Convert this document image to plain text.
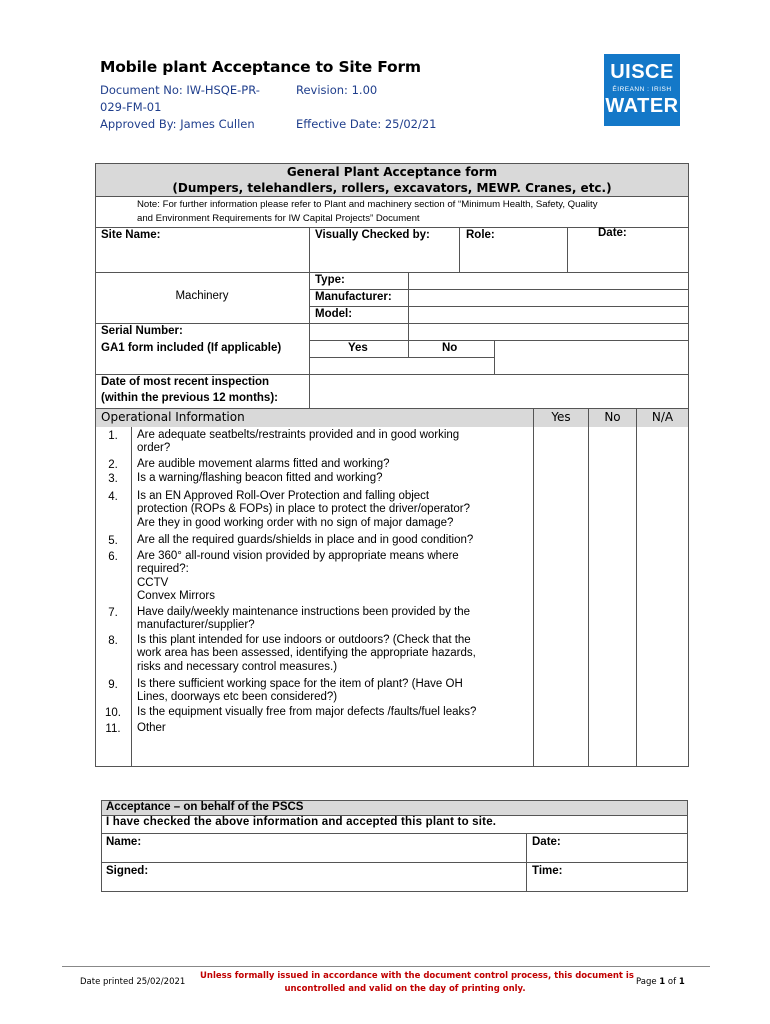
Mobile plant Acceptance to Site Form
Document No: IW-HSQE-PR-
029-FM-01
Approved By: James Cullen
Revision: 1.00
Effective Date: 25/02/21
UISCE
ÉIREANN : IRISH
WATER
General Plant Acceptance form
(Dumpers, telehandlers, rollers, excavators, MEWP. Cranes, etc.)
Note: For further information please refer to Plant and machinery section of “Minimum Health, Safety, Quality
and Environment Requirements for IW Capital Projects” Document
Site Name:	Visually Checked by:	Role:	Date:
Machinery
Type:
Manufacturer:
Model:
Serial Number:
GA1 form included (If applicable)	Yes	No
Date of most recent inspection
(within the previous 12 months):
Operational Information	Yes	No	N/A
1.	Are adequate seatbelts/restraints provided and in good working
order?
2.	Are audible movement alarms fitted and working?
3.	Is a warning/flashing beacon fitted and working?
4.	Is an EN Approved Roll-Over Protection and falling object
protection (ROPs & FOPs) in place to protect the driver/operator?
Are they in good working order with no sign of major damage?
5.	Are all the required guards/shields in place and in good condition?
6.	Are 360° all-round vision provided by appropriate means where
required?:
CCTV
Convex Mirrors
7.	Have daily/weekly maintenance instructions been provided by the
manufacturer/supplier?
8.	Is this plant intended for use indoors or outdoors? (Check that the
work area has been assessed, identifying the appropriate hazards,
risks and necessary control measures.)
9.	Is there sufficient working space for the item of plant? (Have OH
Lines, doorways etc been considered?)
10.	Is the equipment visually free from major defects /faults/fuel leaks?
11.	Other
Acceptance – on behalf of the PSCS
I have checked the above information and accepted this plant to site.
Name:	Date:
Signed:	Time:
Date printed 25/02/2021
Unless formally issued in accordance with the document control process, this document is
uncontrolled and valid on the day of printing only.
Page 1 of 1
